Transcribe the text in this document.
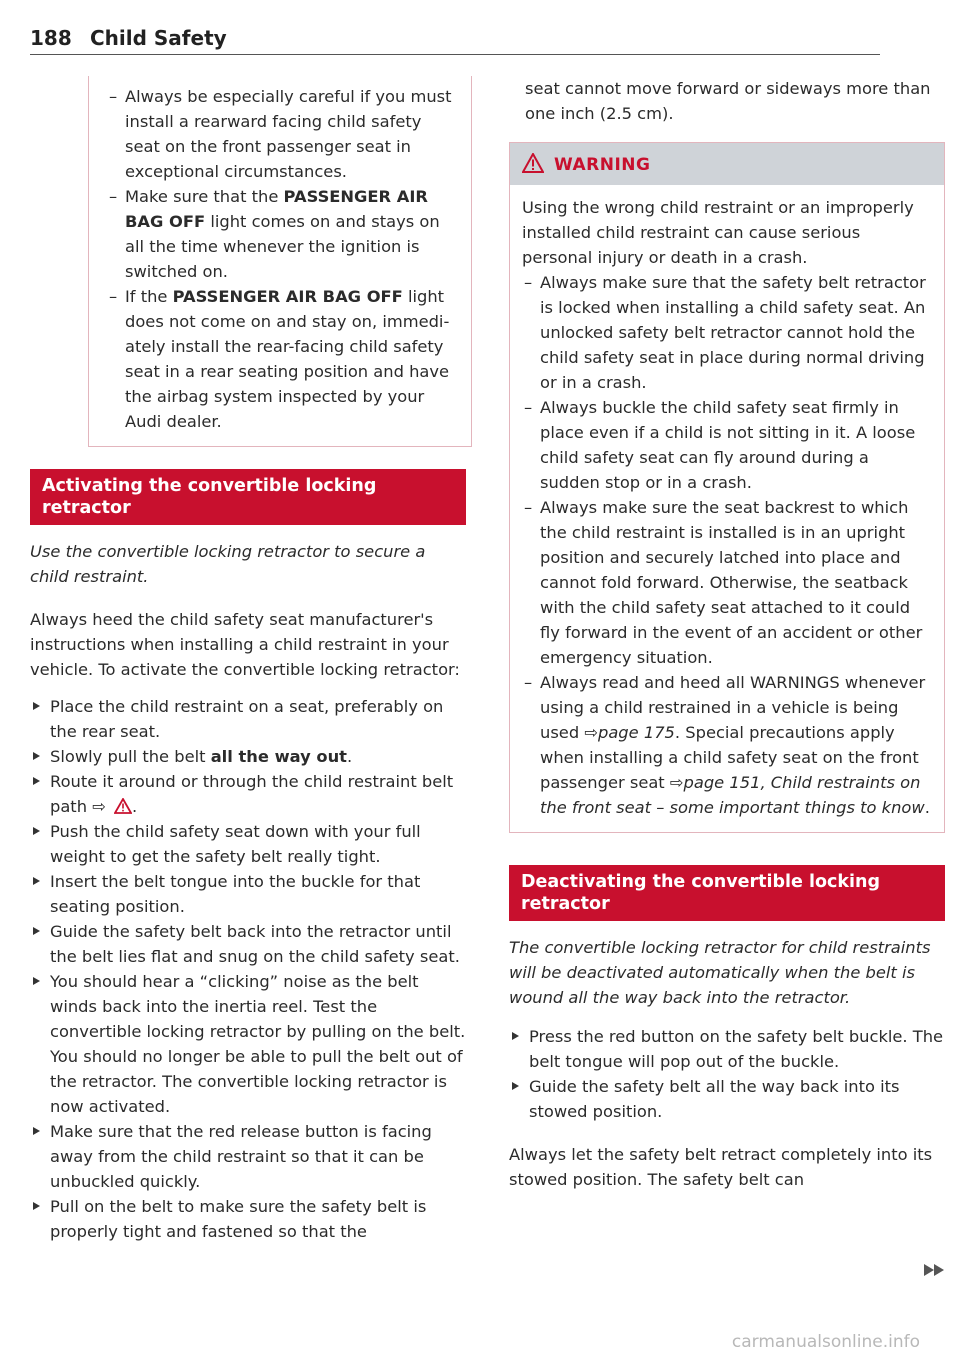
188 Child Safety
– Always be especially careful if you must install a rearward facing child safety seat on the front passenger seat in exceptional circumstances.
– Make sure that the PASSENGER AIR BAG OFF light comes on and stays on all the time whenever the ignition is switched on.
– If the PASSENGER AIR BAG OFF light does not come on and stay on, immediately install the rear-facing child safety seat in a rear seating position and have the airbag system inspected by your Audi dealer.
Activating the convertible locking retractor

Use the convertible locking retractor to secure a child restraint.

Always heed the child safety seat manufacturer's instructions when installing a child restraint in your vehicle. To activate the convertible locking retractor:

Place the child restraint on a seat, preferably on the rear seat.
Slowly pull the belt all the way out.
Route it around or through the child restraint belt path ⇨ .
Push the child safety seat down with your full weight to get the safety belt really tight.
Insert the belt tongue into the buckle for that seating position.
Guide the safety belt back into the retractor until the belt lies flat and snug on the child safety seat.
You should hear a “clicking” noise as the belt winds back into the inertia reel. Test the convertible locking retractor by pulling on the belt. You should no longer be able to pull the belt out of the retractor. The convertible locking retractor is now activated.
Make sure that the red release button is facing away from the child restraint so that it can be unbuckled quickly.
Pull on the belt to make sure the safety belt is properly tight and fastened so that the

seat cannot move forward or sideways more than one inch (2.5 cm).

WARNING

Using the wrong child restraint or an improperly installed child restraint can cause serious personal injury or death in a crash.

– Always make sure that the safety belt retractor is locked when installing a child safety seat. An unlocked safety belt retractor cannot hold the child safety seat in place during normal driving or in a crash.
– Always buckle the child safety seat firmly in place even if a child is not sitting in it. A loose child safety seat can fly around during a sudden stop or in a crash.
– Always make sure the seat backrest to which the child restraint is installed is in an upright position and securely latched into place and cannot fold forward. Otherwise, the seatback with the child safety seat attached to it could fly forward in the event of an accident or other emergency situation.
– Always read and heed all WARNINGS whenever using a child restrained in a vehicle is being used ⇨page 175. Special precautions apply when installing a child safety seat on the front passenger seat ⇨page 151, Child restraints on the front seat – some important things to know.
Deactivating the convertible locking retractor

The convertible locking retractor for child restraints will be deactivated automatically when the belt is wound all the way back into the retractor.

Press the red button on the safety belt buckle. The belt tongue will pop out of the buckle.
Guide the safety belt all the way back into its stowed position.

Always let the safety belt retract completely into its stowed position. The safety belt can

carmanualsonline.info
